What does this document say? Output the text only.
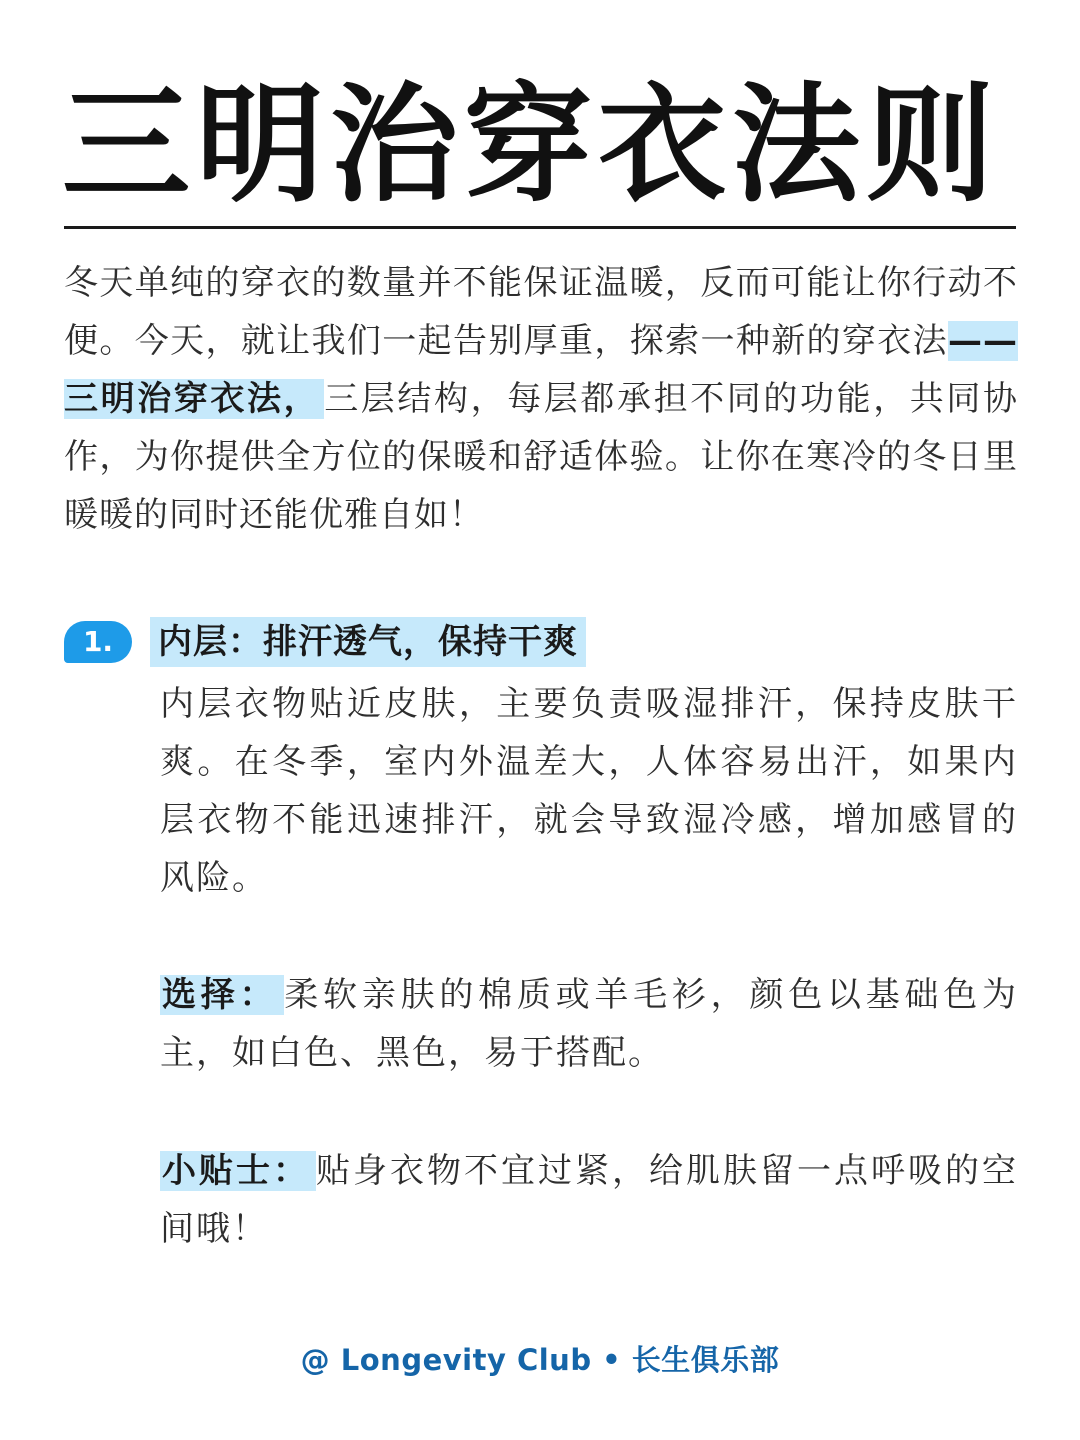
三明治穿衣法则
冬天单纯的穿衣的数量并不能保证温暖，反而可能让你行动不便。今天，就让我们一起告别厚重，探索一种新的穿衣法——三明治穿衣法， 三层结构，每层都承担不同的功能，共同协作，为你提供全方位的保暖和舒适体验。让你在寒冷的冬日里暖暖的同时还能优雅自如！
1.	内层：排汗透气，保持干爽
内层衣物贴近皮肤，主要负责吸湿排汗，保持皮肤干爽。在冬季，室内外温差大，人体容易出汗，如果内层衣物不能迅速排汗，就会导致湿冷感，增加感冒的风险。
选择： 柔软亲肤的棉质或羊毛衫，颜色以基础色为主，如白色、黑色，易于搭配。
小贴士： 贴身衣物不宜过紧，给肌肤留一点呼吸的空间哦！
@ Longevity Club • 长生俱乐部
